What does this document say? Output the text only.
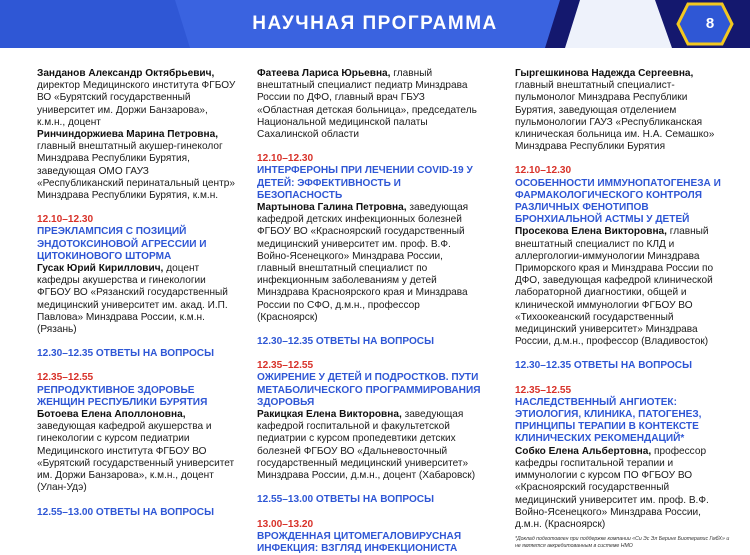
НАУЧНАЯ ПРОГРАММА	8
Занданов Александр Октябрьевич, директор Медицинского института ФГБОУ ВО «Бурятский государственный университет им. Доржи Банзарова», к.м.н., доцент
Ринчиндоржиева Марина Петровна, главный внештатный акушер-гинеколог Минздрава Республики Бурятия, заведующая ОМО ГАУЗ «Республиканский перинатальный центр» Минздрава Республики Бурятия, к.м.н.
12.10–12.30
ПРЕЭКЛАМПСИЯ С ПОЗИЦИЙ ЭНДОТОКСИНОВОЙ АГРЕССИИ И ЦИТОКИНОВОГО ШТОРМА
Гусак Юрий Кириллович, доцент кафедры акушерства и гинекологии ФГБОУ ВО «Рязанский государственный медицинский университет им. акад. И.П. Павлова» Минздрава России, к.м.н. (Рязань)
12.30–12.35 ОТВЕТЫ НА ВОПРОСЫ
12.35–12.55
РЕПРОДУКТИВНОЕ ЗДОРОВЬЕ ЖЕНЩИН РЕСПУБЛИКИ БУРЯТИЯ
Ботоева Елена Аполлоновна, заведующая кафедрой акушерства и гинекологии с курсом педиатрии Медицинского института ФГБОУ ВО «Бурятский государственный университет им. Доржи Банзарова», к.м.н., доцент (Улан-Удэ)
12.55–13.00 ОТВЕТЫ НА ВОПРОСЫ
Фатеева Лариса Юрьевна, главный внештатный специалист педиатр Минздрава России по ДФО, главный врач ГБУЗ «Областная детская больница», председатель Национальной медицинской палаты Сахалинской области
12.10–12.30
ИНТЕРФЕРОНЫ ПРИ ЛЕЧЕНИИ COVID-19 У ДЕТЕЙ: ЭФФЕКТИВНОСТЬ И БЕЗОПАСНОСТЬ
Мартынова Галина Петровна, заведующая кафедрой детских инфекционных болезней ФГБОУ ВО «Красноярский государственный медицинский университет им. проф. В.Ф. Войно-Ясенецкого» Минздрава России, главный внештатный специалист по инфекционным заболеваниям у детей Минздрава Красноярского края и Минздрава России по СФО, д.м.н., профессор (Красноярск)
12.30–12.35 ОТВЕТЫ НА ВОПРОСЫ
12.35–12.55
ОЖИРЕНИЕ У ДЕТЕЙ И ПОДРОСТКОВ. ПУТИ МЕТАБОЛИЧЕСКОГО ПРОГРАММИРОВАНИЯ ЗДОРОВЬЯ
Ракицкая Елена Викторовна, заведующая кафедрой госпитальной и факультетской педиатрии с курсом пропедевтики детских болезней ФГБОУ ВО «Дальневосточный государственный медицинский университет» Минздрава России, д.м.н., доцент (Хабаровск)
12.55–13.00 ОТВЕТЫ НА ВОПРОСЫ
13.00–13.20
ВРОЖДЕННАЯ ЦИТОМЕГАЛОВИРУСНАЯ ИНФЕКЦИЯ: ВЗГЛЯД ИНФЕКЦИОНИСТА
Гыргешкинова Надежда Сергеевна, главный внештатный специалист-пульмонолог Минздрава Республики Бурятия, заведующая отделением пульмонологии ГАУЗ «Республиканская клиническая больница им. Н.А. Семашко» Минздрава Республики Бурятия
12.10–12.30
ОСОБЕННОСТИ ИММУНОПАТОГЕНЕЗА И ФАРМАКОЛОГИЧЕСКОГО КОНТРОЛЯ РАЗЛИЧНЫХ ФЕНОТИПОВ БРОНХИАЛЬНОЙ АСТМЫ У ДЕТЕЙ
Просекова Елена Викторовна, главный внештатный специалист по КЛД и аллергологии-иммунологии Минздрава Приморского края и Минздрава России по ДФО, заведующая кафедрой клинической лабораторной диагностики, общей и клинической иммунологии ФГБОУ ВО «Тихоокеанский государственный медицинский университет» Минздрава России, д.м.н., профессор (Владивосток)
12.30–12.35 ОТВЕТЫ НА ВОПРОСЫ
12.35–12.55
НАСЛЕДСТВЕННЫЙ АНГИОТЕК: ЭТИОЛОГИЯ, КЛИНИКА, ПАТОГЕНЕЗ, ПРИНЦИПЫ ТЕРАПИИ В КОНТЕКСТЕ КЛИНИЧЕСКИХ РЕКОМЕНДАЦИЙ*
Собко Елена Альбертовна, профессор кафедры госпитальной терапии и иммунологии с курсом ПО ФГБОУ ВО «Красноярский государственный медицинский университет им. проф. В.Ф. Войно-Ясенецкого» Минздрава России, д.м.н. (Красноярск)
*Доклад подготовлен при поддержке компании «Си Эс Эл Беринг Биотерапис ГмбХ» и не является аккредитованным в системе НМО
